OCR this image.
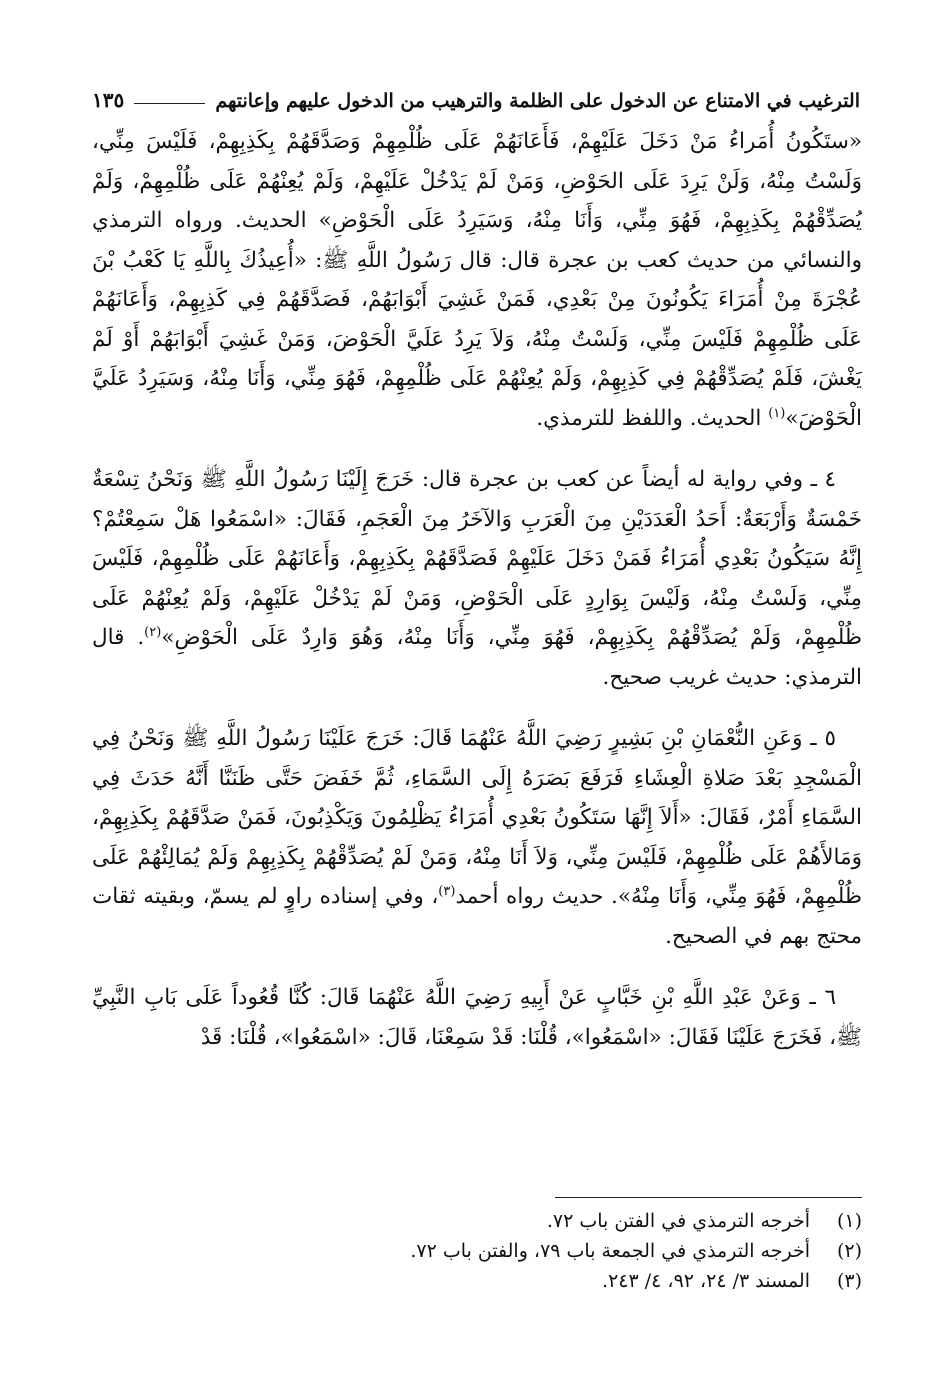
الترغيب في الامتناع عن الدخول على الظلمة والترهيب من الدخول عليهم وإعانتهم
١٣٥
«ستَكُونُ أُمَراءُ مَنْ دَخَلَ عَلَيْهِمْ، فَأَعَانَهُمْ عَلَى ظُلْمِهِمْ وَصَدَّقَهُمْ بِكَذِبِهِمْ، فَلَيْسَ مِنِّي، وَلَسْتُ مِنْهُ، وَلَنْ يَرِدَ عَلَى الحَوْضِ، وَمَنْ لَمْ يَدْخُلْ عَلَيْهِمْ، وَلَمْ يُعِنْهُمْ عَلَى ظُلْمِهِمْ، وَلَمْ يُصَدِّقْهُمْ بِكَذِبِهِمْ، فَهُوَ مِنِّي، وَأَنَا مِنْهُ، وَسَيَرِدُ عَلَى الْحَوْضِ» الحديث. ورواه الترمذي والنسائي من حديث كعب بن عجرة قال: قال رَسُولُ اللَّهِ ﷺ: «أُعِيذُكَ بِاللَّهِ يَا كَعْبُ بْنَ عُجْرَةَ مِنْ أُمَرَاءَ يَكُونُونَ مِنْ بَعْدِي، فَمَنْ غَشِيَ أَبْوَابَهُمْ، فَصَدَّقَهُمْ فِي كَذِبِهِمْ، وَأَعَانَهُمْ عَلَى ظُلْمِهِمْ فَلَيْسَ مِنِّي، وَلَسْتُ مِنْهُ، وَلاَ يَرِدُ عَلَيَّ الْحَوْضَ، وَمَنْ غَشِيَ أَبْوَابَهُمْ أَوْ لَمْ يَغْشَ، فَلَمْ يُصَدِّقْهُمْ فِي كَذِبِهِمْ، وَلَمْ يُعِنْهُمْ عَلَى ظُلْمِهِمْ، فَهُوَ مِنِّي، وَأَنَا مِنْهُ، وَسَيَرِدُ عَلَيَّ الْحَوْضَ»$^{(١)}$ الحديث. واللفظ للترمذي.
٤ ـ وفي رواية له أيضاً عن كعب بن عجرة قال: خَرَجَ إِلَيْنَا رَسُولُ اللَّهِ ﷺ وَنَحْنُ تِسْعَةٌ خَمْسَةٌ وَأَرْبَعَةٌ: أَحَدُ الْعَدَدَيْنِ مِنَ الْعَرَبِ وَالآخَرُ مِنَ الْعَجَمِ، فَقَالَ: «اسْمَعُوا هَلْ سَمِعْتُمْ؟ إِنَّهُ سَيَكُونُ بَعْدِي أُمَرَاءُ فَمَنْ دَخَلَ عَلَيْهِمْ فَصَدَّقَهُمْ بِكَذِبِهِمْ، وَأَعَانَهُمْ عَلَى ظُلْمِهِمْ، فَلَيْسَ مِنِّي، وَلَسْتُ مِنْهُ، وَلَيْسَ بِوَارِدٍ عَلَى الْحَوْضِ، وَمَنْ لَمْ يَدْخُلْ عَلَيْهِمْ، وَلَمْ يُعِنْهُمْ عَلَى ظُلْمِهِمْ، وَلَمْ يُصَدِّقْهُمْ بِكَذِبِهِمْ، فَهُوَ مِنِّي، وَأَنَا مِنْهُ، وَهُوَ وَارِدٌ عَلَى الْحَوْضِ»$^{(٢)}$. قال الترمذي: حديث غريب صحيح.
٥ ـ وَعَنِ النُّعْمَانِ بْنِ بَشِيرٍ رَضِيَ اللَّهُ عَنْهُمَا قَالَ: خَرَجَ عَلَيْنَا رَسُولُ اللَّهِ ﷺ وَنَحْنُ فِي الْمَسْجِدِ بَعْدَ صَلاةِ الْعِشَاءِ فَرَفَعَ بَصَرَهُ إِلَى السَّمَاءِ، ثُمَّ خَفَضَ حَتَّى ظَنَنَّا أَنَّهُ حَدَثَ فِي السَّمَاءِ أَمْرٌ، فَقَالَ: «أَلاَ إِنَّهَا سَتَكُونُ بَعْدِي أُمَرَاءُ يَظْلِمُونَ وَيَكْذِبُونَ، فَمَنْ صَدَّقَهُمْ بِكَذِبِهِمْ، وَمَالأَهُمْ عَلَى ظُلْمِهِمْ، فَلَيْسَ مِنِّي، وَلاَ أَنَا مِنْهُ، وَمَنْ لَمْ يُصَدِّقْهُمْ بِكَذِبِهِمْ وَلَمْ يُمَالِئْهُمْ عَلَى ظُلْمِهِمْ، فَهُوَ مِنِّي، وَأَنَا مِنْهُ». حديث رواه أحمد$^{(٣)}$، وفي إسناده راوٍ لم يسمّ، وبقيته ثقات محتج بهم في الصحيح.
٦ ـ وَعَنْ عَبْدِ اللَّهِ بْنِ خَبَّابٍ عَنْ أَبِيهِ رَضِيَ اللَّهُ عَنْهُمَا قَالَ: كُنَّا قُعُوداً عَلَى بَابِ النَّبِيِّ ﷺ، فَخَرَجَ عَلَيْنَا فَقَالَ: «اسْمَعُوا»، قُلْنَا: قَدْ سَمِعْنَا، قَالَ: «اسْمَعُوا»، قُلْنَا: قَدْ
(١)
أخرجه الترمذي في الفتن باب ٧٢.
(٢)
أخرجه الترمذي في الجمعة باب ٧٩، والفتن باب ٧٢.
(٣)
المسند ٣/ ٢٤، ٩٢، ٤/ ٢٤٣.
